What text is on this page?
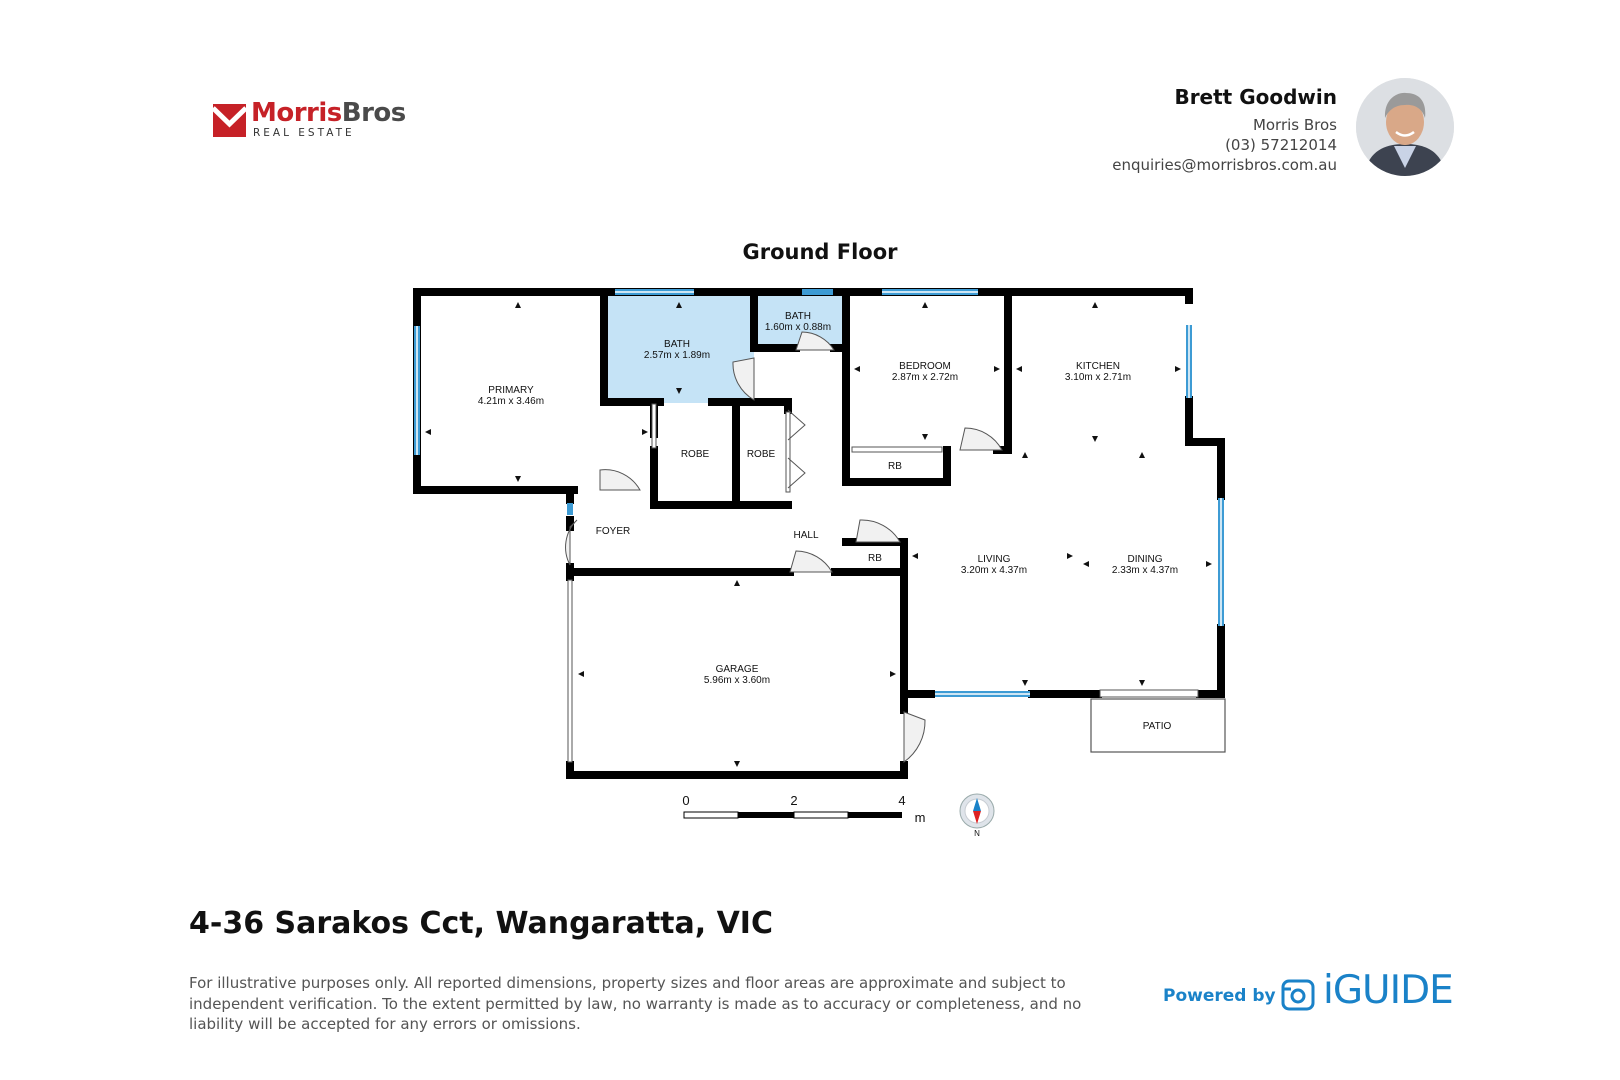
MorrisBros
REAL ESTATE
Brett Goodwin
Morris Bros
(03) 57212014
enquiries@morrisbros.com.au
Ground Floor
PRIMARY
4.21m x 3.46m
BATH
2.57m x 1.89m
BATH
1.60m x 0.88m
BEDROOM
2.87m x 2.72m
KITCHEN
3.10m x 2.71m
ROBE	ROBE
RB
RB
FOYER	HALL
LIVING
3.20m x 4.37m
DINING
2.33m x 4.37m
GARAGE
5.96m x 3.60m
PATIO
0	2	4
m
N
4-36 Sarakos Cct, Wangaratta, VIC
For illustrative purposes only. All reported dimensions, property sizes and floor areas are approximate and subject to independent verification. To the extent permitted by law, no warranty is made as to accuracy or completeness, and no liability will be accepted for any errors or omissions.
Powered by iGUIDE
